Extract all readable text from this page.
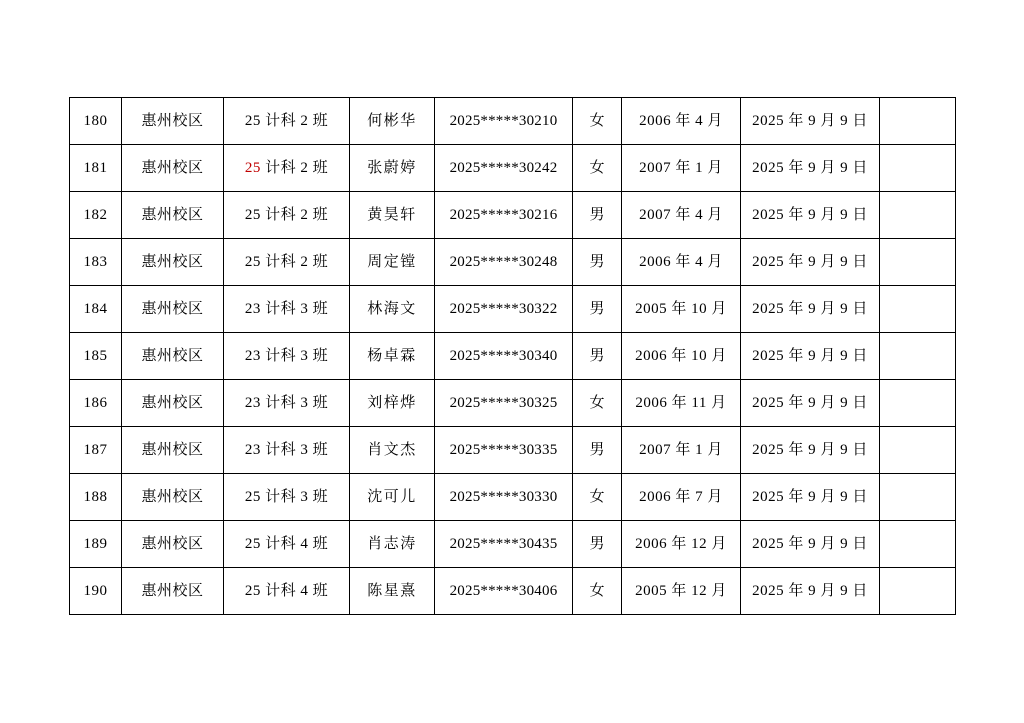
180	惠州校区	25 计科 2 班	何彬华	2025*****30210	女	2006 年 4 月	2025 年 9 月 9 日	
181	惠州校区	25 计科 2 班	张蔚婷	2025*****30242	女	2007 年 1 月	2025 年 9 月 9 日	
182	惠州校区	25 计科 2 班	黄昊轩	2025*****30216	男	2007 年 4 月	2025 年 9 月 9 日	
183	惠州校区	25 计科 2 班	周定镗	2025*****30248	男	2006 年 4 月	2025 年 9 月 9 日	
184	惠州校区	23 计科 3 班	林海文	2025*****30322	男	2005 年 10 月	2025 年 9 月 9 日	
185	惠州校区	23 计科 3 班	杨卓霖	2025*****30340	男	2006 年 10 月	2025 年 9 月 9 日	
186	惠州校区	23 计科 3 班	刘梓烨	2025*****30325	女	2006 年 11 月	2025 年 9 月 9 日	
187	惠州校区	23 计科 3 班	肖文杰	2025*****30335	男	2007 年 1 月	2025 年 9 月 9 日	
188	惠州校区	25 计科 3 班	沈可儿	2025*****30330	女	2006 年 7 月	2025 年 9 月 9 日	
189	惠州校区	25 计科 4 班	肖志涛	2025*****30435	男	2006 年 12 月	2025 年 9 月 9 日	
190	惠州校区	25 计科 4 班	陈星熹	2025*****30406	女	2005 年 12 月	2025 年 9 月 9 日	
